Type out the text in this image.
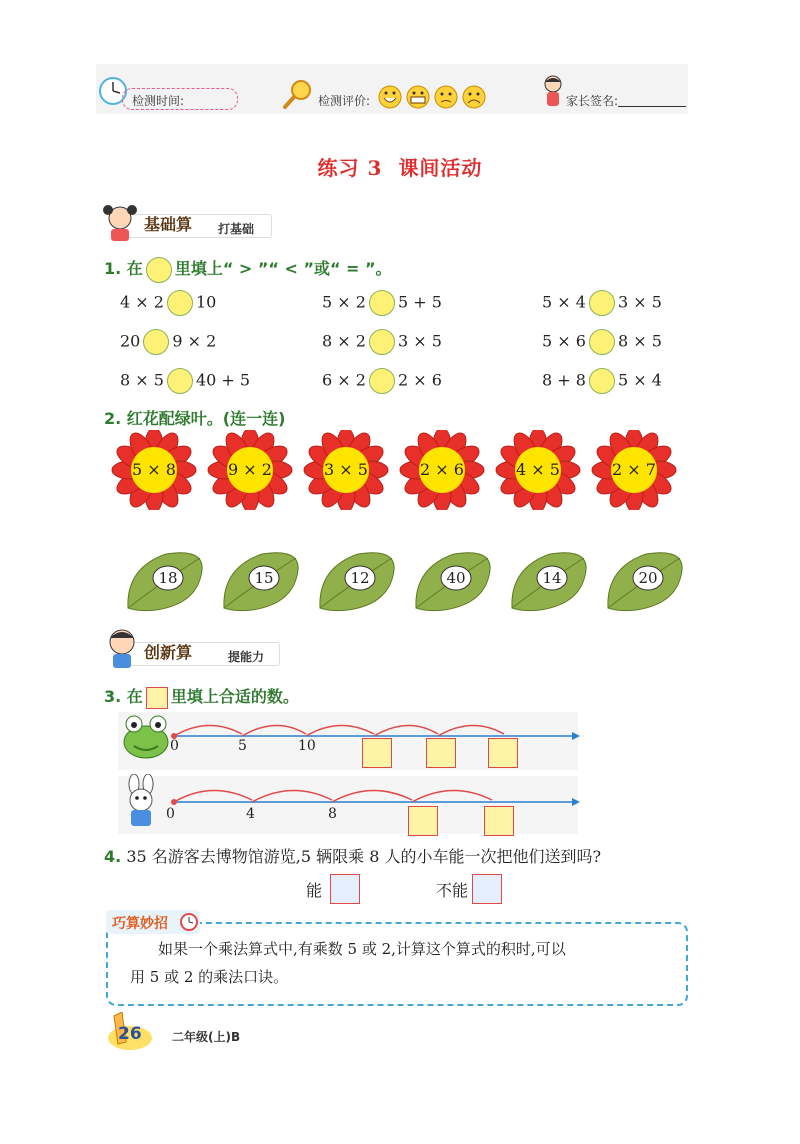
检测时间:	检测评价:	家长签名:
练习 3 课间活动
基础算 打基础
1. 在 里填上“ > ”“ < ”或“ = ”。
4 × 2 10	5 × 2 5 + 5	5 × 4 3 × 5
20 9 × 2	8 × 2 3 × 5	5 × 6 8 × 5
8 × 5 40 + 5	6 × 2 2 × 6	8 + 8 5 × 4
2. 红花配绿叶。(连一连)
5 × 8	9 × 2	3 × 5	2 × 6	4 × 5	2 × 7
18	15	12	40	14	20
创新算	提能力
3. 在 里填上合适的数。
0	5	10
0	4	8
4. 35 名游客去博物馆游览,5 辆限乘 8 人的小车能一次把他们送到吗?
能	不能
巧算妙招
如果一个乘法算式中,有乘数 5 或 2,计算这个算式的积时,可以
用 5 或 2 的乘法口诀。
26	二年级(上)B
